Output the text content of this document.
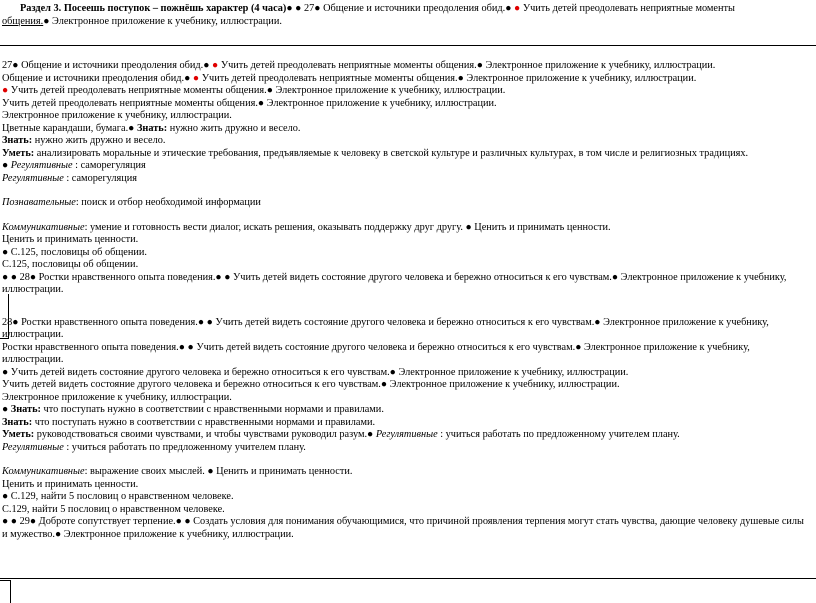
Раздел 3. Посеешь поступок – пожнёшь характер (4 часа)● ● 27● Общение и источники преодоления обид.● ● Учить детей преодолевать неприятные моменты
общения.● Электронное приложение к учебнику, иллюстрации.
27● Общение и источники преодоления обид.● ● Учить детей преодолевать неприятные моменты общения.● Электронное приложение к учебнику, иллюстрации.
Общение и источники преодоления обид.● ● Учить детей преодолевать неприятные моменты общения.● Электронное приложение к учебнику, иллюстрации.
● Учить детей преодолевать неприятные моменты общения.● Электронное приложение к учебнику, иллюстрации.
Учить детей преодолевать неприятные моменты общения.● Электронное приложение к учебнику, иллюстрации.
Электронное приложение к учебнику, иллюстрации.
Цветные карандаши, бумага.● Знать: нужно жить дружно и весело.
Знать: нужно жить дружно и весело.
Уметь: анализировать моральные и этические требования, предъявляемые к человеку в светской культуре и различных культурах, в том числе и религиозных традициях.
● Регулятивные : саморегуляция
Регулятивные : саморегуляция
Познавательные: поиск и отбор необходимой информации
Коммуникативные: умение и готовность вести диалог, искать решения, оказывать поддержку друг другу. ● Ценить и принимать ценности.
Ценить и принимать ценности.
● С.125, пословицы об общении.
С.125, пословицы об общении.
● ● 28● Ростки нравственного опыта поведения.● ● Учить детей видеть состояние другого человека и бережно относиться к его чувствам.● Электронное приложение к учебнику, иллюстрации.
28● Ростки нравственного опыта поведения.● ● Учить детей видеть состояние другого человека и бережно относиться к его чувствам.● Электронное приложение к учебнику, иллюстрации.
Ростки нравственного опыта поведения.● ● Учить детей видеть состояние другого человека и бережно относиться к его чувствам.● Электронное приложение к учебнику, иллюстрации.
● Учить детей видеть состояние другого человека и бережно относиться к его чувствам.● Электронное приложение к учебнику, иллюстрации.
Учить детей видеть состояние другого человека и бережно относиться к его чувствам.● Электронное приложение к учебнику, иллюстрации.
Электронное приложение к учебнику, иллюстрации.
● Знать: что поступать нужно в соответствии с нравственными нормами и правилами.
Знать: что поступать нужно в соответствии с нравственными нормами и правилами.
Уметь: руководствоваться своими чувствами, и чтобы чувствами руководил разум.● Регулятивные : учиться работать по предложенному учителем плану.
Регулятивные : учиться работать по предложенному учителем плану.
Коммуникативные: выражение своих мыслей. ● Ценить и принимать ценности.
Ценить и принимать ценности.
● С.129, найти 5 пословиц о нравственном человеке.
С.129, найти 5 пословиц о нравственном человеке.
● ● 29● Доброте сопутствует терпение.● ● Создать условия для понимания обучающимися, что причиной проявления терпения могут стать чувства, дающие человеку душевые силы и мужество.● Электронное приложение к учебнику, иллюстрации.
